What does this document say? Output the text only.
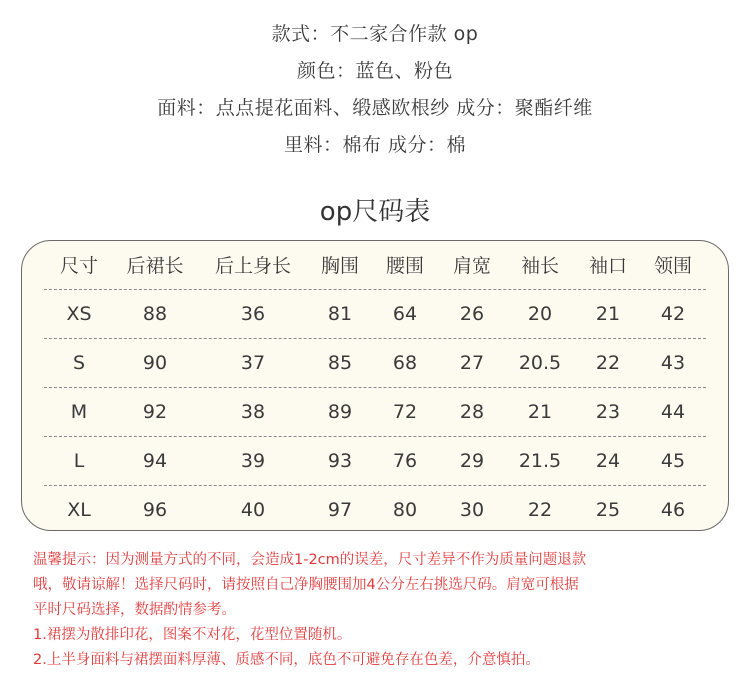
款式：不二家合作款 op
颜色：蓝色、粉色
面料：点点提花面料、缎感欧根纱 成分：聚酯纤维
里料：棉布 成分：棉
op尺码表
尺寸 后裙长 后上身长 胸围 腰围 肩宽 袖长 袖口 领围
XS	88	36	81 64 26 20 21 42
S	90	37	85 68 27 20.5 22 43
M	92	38	89 72 28 21 23 44
L	94	39	93 76 29 21.5 24 45
XL	96	40	97 80 30 22 25 46
温馨提示：因为测量方式的不同，会造成1-2cm的误差，尺寸差异不作为质量问题退款
哦，敬请谅解！选择尺码时，请按照自己净胸腰围加4公分左右挑选尺码。肩宽可根据
平时尺码选择，数据酌情参考。
1.裙摆为散排印花，图案不对花，花型位置随机。
2.上半身面料与裙摆面料厚薄、质感不同，底色不可避免存在色差，介意慎拍。
